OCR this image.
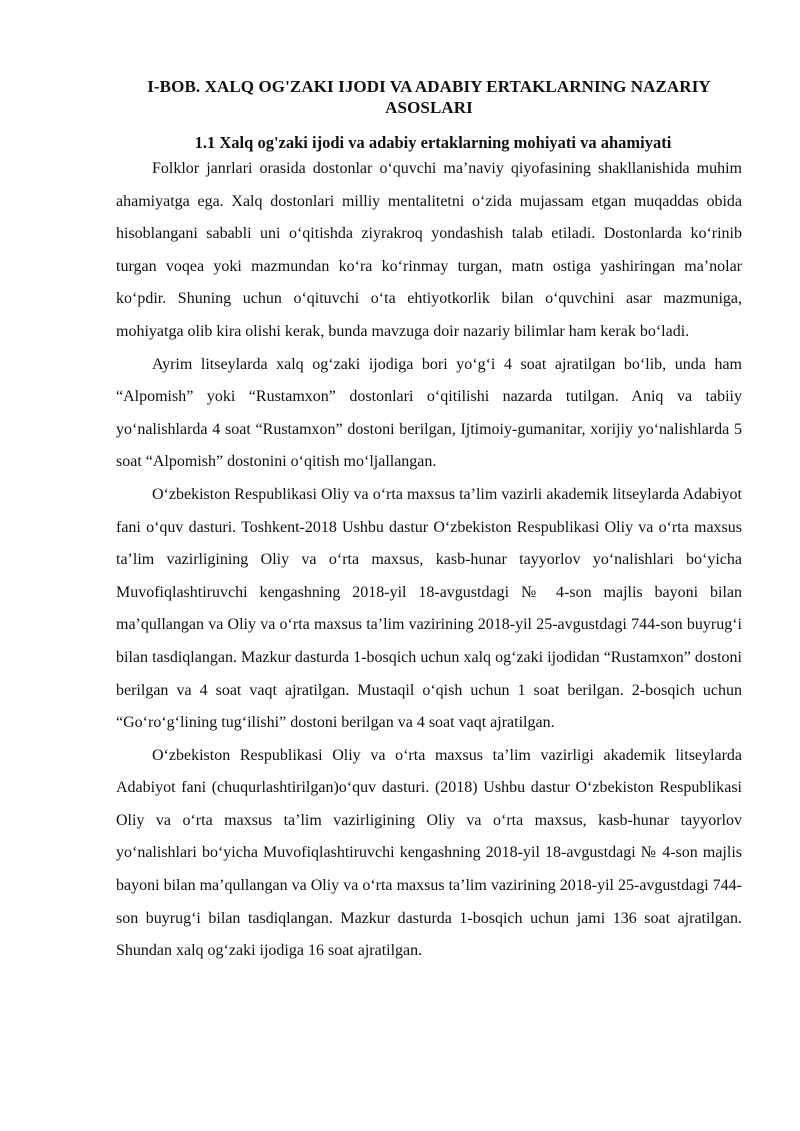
I-BOB. XALQ OG'ZAKI IJODI VA ADABIY ERTAKLARNING NAZARIY ASOSLARI
1.1 Xalq og'zaki ijodi va adabiy ertaklarning mohiyati va ahamiyati

Folklor janrlari orasida dostonlar o‘quvchi ma’naviy qiyofasining shakllanishida muhim ahamiyatga ega. Xalq dostonlari milliy mentalitetni o‘zida mujassam etgan muqaddas obida hisoblangani sababli uni o‘qitishda ziyrakroq yondashish talab etiladi. Dostonlarda ko‘rinib turgan voqea yoki mazmundan ko‘ra ko‘rinmay turgan, matn ostiga yashiringan ma’nolar ko‘pdir. Shuning uchun o‘qituvchi o‘ta ehtiyotkorlik bilan o‘quvchini asar mazmuniga, mohiyatga olib kira olishi kerak, bunda mavzuga doir nazariy bilimlar ham kerak bo‘ladi.

Ayrim litseylarda xalq og‘zaki ijodiga bori yo‘g‘i 4 soat ajratilgan bo‘lib, unda ham “Alpomish” yoki “Rustamxon” dostonlari o‘qitilishi nazarda tutilgan. Aniq va tabiiy yo‘nalishlarda 4 soat “Rustamxon” dostoni berilgan, Ijtimoiy-gumanitar, xorijiy yo‘nalishlarda 5 soat “Alpomish” dostonini o‘qitish mo‘ljallangan.

O‘zbekiston Respublikasi Oliy va o‘rta maxsus ta’lim vazirli akademik litseylarda Adabiyot fani o‘quv dasturi. Toshkent-2018 Ushbu dastur O‘zbekiston Respublikasi Oliy va o‘rta maxsus ta’lim vazirligining Oliy va o‘rta maxsus, kasb-hunar tayyorlov yo‘nalishlari bo‘yicha Muvofiqlashtiruvchi kengashning 2018-yil 18-avgustdagi № 4-son majlis bayoni bilan ma’qullangan va Oliy va o‘rta maxsus ta’lim vazirining 2018-yil 25-avgustdagi 744-son buyrug‘i bilan tasdiqlangan. Mazkur dasturda 1-bosqich uchun xalq og‘zaki ijodidan “Rustamxon” dostoni berilgan va 4 soat vaqt ajratilgan. Mustaqil o‘qish uchun 1 soat berilgan. 2-bosqich uchun “Go‘ro‘g‘lining tug‘ilishi” dostoni berilgan va 4 soat vaqt ajratilgan.

O‘zbekiston Respublikasi Oliy va o‘rta maxsus ta’lim vazirligi akademik litseylarda Adabiyot fani (chuqurlashtirilgan)o‘quv dasturi. (2018) Ushbu dastur O‘zbekiston Respublikasi Oliy va o‘rta maxsus ta’lim vazirligining Oliy va o‘rta maxsus, kasb-hunar tayyorlov yo‘nalishlari bo‘yicha Muvofiqlashtiruvchi kengashning 2018-yil 18-avgustdagi № 4-son majlis bayoni bilan ma’qullangan va Oliy va o‘rta maxsus ta’lim vazirining 2018-yil 25-avgustdagi 744-son buyrug‘i bilan tasdiqlangan. Mazkur dasturda 1-bosqich uchun jami 136 soat ajratilgan. Shundan xalq og‘zaki ijodiga 16 soat ajratilgan.
